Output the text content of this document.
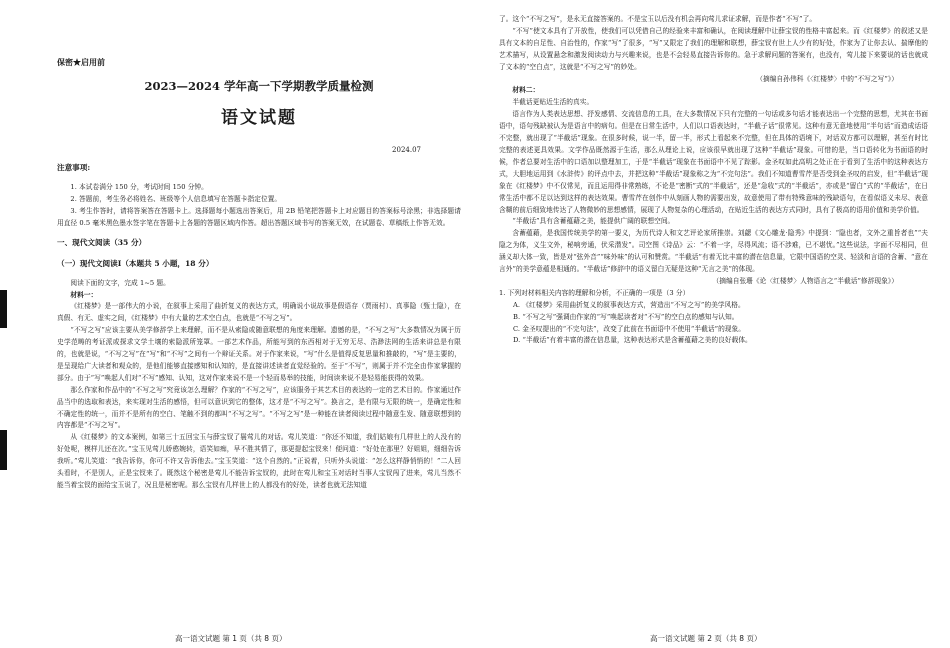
保密★启用前

2023—2024 学年高一下学期教学质量检测

语文试题

2024.07

注意事项:

1. 本试卷满分 150 分，考试时间 150 分钟。

2. 答题前，考生务必将姓名、班级等个人信息填写在答题卡指定位置。

3. 考生作答时，请将答案答在答题卡上。选择题每小题选出答案后，用 2B 铅笔把答题卡上对应题目的答案标号涂黑；非选择题请用直径 0.5 毫米黑色墨水签字笔在答题卡上各题的答题区域内作答。超出答题区域书写的答案无效，在试题卷、草稿纸上作答无效。

一、现代文阅读（35 分）

（一）现代文阅读Ⅰ（本题共 5 小题，18 分）

阅读下面的文字，完成 1~5 题。

材料一：

《红楼梦》是一部伟大的小说，在叙事上采用了曲折复义的表达方式，明确说小说故事是假语存（贾雨村）、真事隐（甄士隐），在真假、有无、虚实之间，《红楼梦》中有大量的艺术空白点，也就是“不写之写”。

“不写之写”应该主要从美学修辞学上来理解，而不是从索隐或随意联想的角度来理解。遗憾的是，“不写之写”大多数情况为属于历史学范畴的考证派或探求文学土壤的索隐派所笼罩。一部艺术作品，所能写到的东西相对于无穷无尽、浩渺法网的生活来讲总是有限的，也就是说，“不写之写”在“写”和“不写”之间有一个辩证关系。对于作家来说，“写”什么是值得反复思量和推敲的，“写”是主要的，是呈现给广大读者和观众的，是他们能够直接感知和认知的，是直接讲述读者直觉经验的。至于“不写”，则属于并不完全由作家掌握的部分。由于“写”唤起人们对“不写”感知、认知，这对作家来说不是一个轻而易举的技能，时间读来说不是轻易能获得的效果。

那么作家和作品中的“不写之写”究竟该怎么理解？作家的“不写之写”，应该服务于其艺术目的表达的一定的艺术目的。作家通过作品当中的选取和表达，来实现对生活的感悟，但可以意识到它的整体，这才是“不写之写”。换言之，是有限与无限的统一，是确定性和不确定性的统一，而并不是所有的空白、笔触不到的都叫“不写之写”。“不写之写”是一种能在读者阅读过程中随意生发、随意联想到的内容都是“不写之写”。

从《红楼梦》的文本案例，如第三十五回宝玉与薛宝钗了鬟莺儿的对话。莺儿笑道：“你还不知道，我们姑娘有几样世上的人没有的好处呢，模样儿还在次。”宝玉见莺儿娇憨婉转，语笑如痴，早不胜其情了，那更提起宝钗来！便问道：“好处在那里？好姐姐，细细告诉我听。”莺儿笑道：“我告诉你，你可不许又告诉他去。”宝玉笑道：“这个自然的。”正说着，只听外头说道：“怎么这样静悄悄的！”二人回头看时，不是别人，正是宝钗来了。既然这个秘密是莺儿不能告诉宝钗的，此时在莺儿和宝玉对话时当事人宝钗闯了进来，莺儿当然不能当着宝钗的面给宝玉说了，况且是秘密呢。那么宝钗有几样世上的人都没有的好处，读者也就无法知道

高一语文试题 第 1 页（共 8 页）

了。这个“不写之写”，是永无直接答案的。不是宝玉以后没有机会再向莺儿求证求解，而是作者“不写”了。

“不写”使文本具有了开放性，使我们可以凭借自己的经验来丰富和确认，在阅读理解中让薛宝钗的性格丰富起来。而《红楼梦》的叙述又是具有文本的自足性、自治性的，作家“写”了很多，“写”又限定了我们的理解和联想，薛宝钗有世上人少有的好处，作家为了让你去认、揣摩他的艺术描写，从设置悬念和激发阅读动力与兴趣来说，也是不会轻易直接告诉你的。急于求解问题的答案有，也没有，莺儿接下来要说的话也就成了文本的“空白点”，这就是“不写之写”的妙处。

（摘编自孙伟科《〈红楼梦〉中的“不写之写”》）

材料二：

半截话更贴近生活的真实。

语言作为人类表达思想、抒发感情、交流信息的工具，在大多数情况下只有完整的一句话或多句话才能表达出一个完整的思想，尤其在书面语中，语句残缺被认为是语言中的病句。但是在日常生活中，人们以口语表达时，“半截子话”很常见。这种有意无意地使用“半句话”而造成话语不完整，就出现了“半截话”现象。在很多时候，说一半，留一半，形式上看起来不完整，但在具体的语境下，对话双方都可以理解，甚至有时比完整的表述更具效果。文学作品既然源于生活，那么从理论上说，应该很早就出现了这种“半截话”现象。可惜的是，当口语转化为书面语的时候，作者总要对生活中的口语加以整理加工，于是“半截话”现象在书面语中不见了踪影。金圣叹如此高明之处正在于看到了生活中的这种表达方式，大胆地运用到《水浒传》的评点中去，并把这种“半截话”现象称之为“不完句法”。我们不知道曹雪芹是否受到金圣叹的启发，但“半截话”现象在《红楼梦》中不仅常见，而且运用得非常熟练，不论是“密断”式的“半截话”，还是“急收”式的“半截话”，亦或是“留白”式的“半截话”，在日常生活中都不足以达到这样的表达效果。曹雪芹在创作中从刻画人物的需要出发，故意使用了带有特殊意味的残缺语句，在看似语义未尽、表意含糊的前后细致地传达了人物微妙的思想感情，展现了人物复杂的心理活动，在贴近生活的表达方式同时，具有了极高的语用价值和美学价值。

“半截话”具有含蓄蕴藉之美，能提供广阔的联想空间。

含蓄蕴藉，是我国传统美学的第一要义，为历代诗人和文艺评论家所推崇。刘勰《文心雕龙·隐秀》中提到：“隐也者，文外之重旨者也”“夫隐之为体，义生文外，秘响旁通，伏采潜发”。司空图《诗品》云：“不着一字，尽得风流；语不涉难，已不堪忧。”这些说法，字面不尽相同，但涵义却大体一致，皆是对“弦外音”“味外味”的认可和赞赏。“半截话”有着无比丰富的潜在信息量，它限中国语的空灵、轻淡和言语的含蓄、“意在言外”的美学意蕴是相通的。“半截话”修辞中的语义留白无疑是这种“无言之美”的体现。

（摘编自张珊《论〈红楼梦〉人物语言之“半截话”修辞现象》）

1. 下列对材料相关内容的理解和分析，不正确的一项是（3 分）

A. 《红楼梦》采用曲折复义的叙事表达方式，营造出“不写之写”的美学风格。

B. “不写之写”强调由作家的“写”唤起读者对“不写”的空白点的感知与认知。

C. 金圣叹提出的“不完句法”，改变了此前在书面语中不使用“半截话”的现象。

D. “半截话”有着丰富的潜在信息量，这种表达形式是含蓄蕴藉之美的良好载体。

高一语文试题 第 2 页（共 8 页）
